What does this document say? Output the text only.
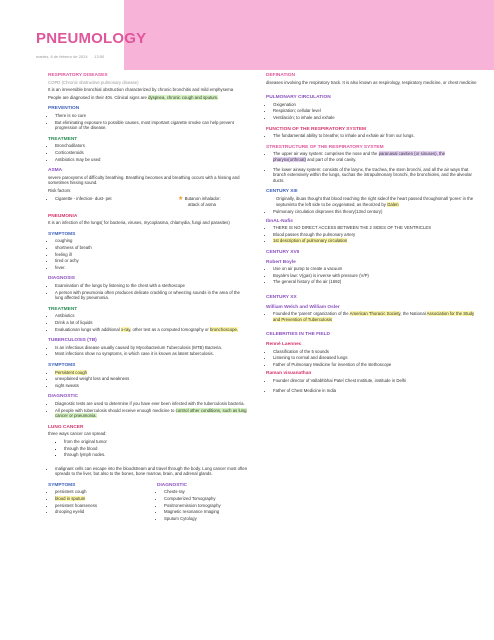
PNEUMOLOGY
martes, 6 de febrero de 2024 13:50
RESPIRATORY DISEASES
COPD (Chronic obstructive pulmonary disease)
It is an irreversible bronchial obstruction characterized by chronic bronchitis and mild emphysema
People are diagnosed in their 40s. Clinical signs are dyspnea, chronic cough and sputum.
PREVENTION
• There is no cure
• But eliminating exposure to possible causes, most important cigarette smoke can help prevent progression of the disease.
TREATMENT
• Bronchodilators
• Corticosteroids
• Antibiotics may be used
ASMA
severe paroxysms of difficulty breathing. Breathing becomes and breathing occurs with a hissing and sometimes hissing sound.
Risk factors
• Cigarette - infection- dust- pet	★ Butanon inhalador:
attack of asma
PNEUMONIA
It is an infection of the lungs( for bacteria, viruses, mycoplasma, chlamydia, fungi and parasites)
SYMPTOMS
• coughing
• shortness of breath
• feeling ill
• tired or achy
• fever.
DIAGNOSIS
• Examination of the lungs by listening to the chest with a stethoscope
• A person with pneumonia often produces delicate crackling or wheezing sounds in the area of the lung affected by pneumonia.
TREATMENT
• Antibiotics
• Drink a lot of liquids
• Evaluationan lungs with additional x-ray, other test as a computed tomography or bronchoscope.
TUBERCULOSIS (TB)
• Is an infectious disease usually caused by Mycobacterium Tuberculosis (MTB) Bacteria.
• Most infections show no symptoms, in which case it is known as latent tuberculosis.
SYMPTOMS
• Persistent cough
• unexplained weight loss and weakness
• night sweats
DIAGNOSTIC
• Diagnostic tests are used to determine if you have ever been infected with the tuberculosis bacteria.
• All people with tuberculosis should receive enough medicine to control other conditions, such as lung cancer or pneumonia.
LUNG CANCER
three ways cancer can spread:
▪ from the original tumor
▪ through the blood
▪ through lymph nodes.
• malignant cells can escape into the bloodstream and travel through the body. Lung cancer most often spreads to the liver, but also to the bones, bone marrow, brain, and adrenal glands.
SYMPTOMS
• persistent cough
• blood in sputum
• persistent hoarseness
• drooping eyelid
DIAGNOSTIC
• Chests-ray
• Computerized Tomography
• Positronemission tomography
• Magnetic resonance Imaging
• Sputum Cytology
DEFINATION
diseases involving the respiratory track. It is also known as respirology, respiratory medicine, or chest medicine
PULMONARY CIRCULATION
• Oxigenation
• Respiration; cellular level
• Ventilación; to inhale and exhale
FUNCTION OF THE RESPIRATORY SYSTEM
• The fundamental ability to breathe; to inhale and exhale air from our lungs.
STRESTRUCTURE OF THE RESPIRATORY SYSTEM
• The upper air way system: comprises the nose and the paranasal cavities (or sinuses), the pharynx(orthroat) and part of the oral cavity.
• The lower airway system: consists of the larynx, the trachea, the stem bronchi, and all the air ways that branch extensively within the lungs, suchas the intrapulmonary bronchi, the bronchioles, and the alveolar ducts.
CENTURY XIII
Originally, ibuas thought that blood reaching the right sideof the heart passed throughsmall 'pores' in the septuminto the left side to be oxygenated, as theorized by Galen
• Pulmonary circulation disproves this theory(13nd century)
IbnAL-Nafis
• THERE IS NO DIRECT ACCESS BETWEEN THE 2 SIDES OF THE VENTRICLES
• Blood passes through the pulmonary artery
• 1st description of pulmonary circulation
CENTURY XVII
Robert Boyle
• Use on air pump to create a vacuum
• Boyale's law: V(gas) is inverse with pressure (V/P)
• The general history of the air (1692)
CENTURY XX
William Welch and William Osler
• Founded the 'parent' organization of the American Thoracic Society, the National Association for the Study and Prevention of Tuberculosis
CELEBRITIES IN THE FIELD
Renné Laennec
• Classification of the 5 sounds
• Listening to normal and diseased lungs
• Father of Pulmonary Medicine for invention of the stethoscope
Raman visuanathan
• Founder director of Vallabhbhai Patel Chest Institute, institude in Delhi
• Father of Chest Medicine in India
